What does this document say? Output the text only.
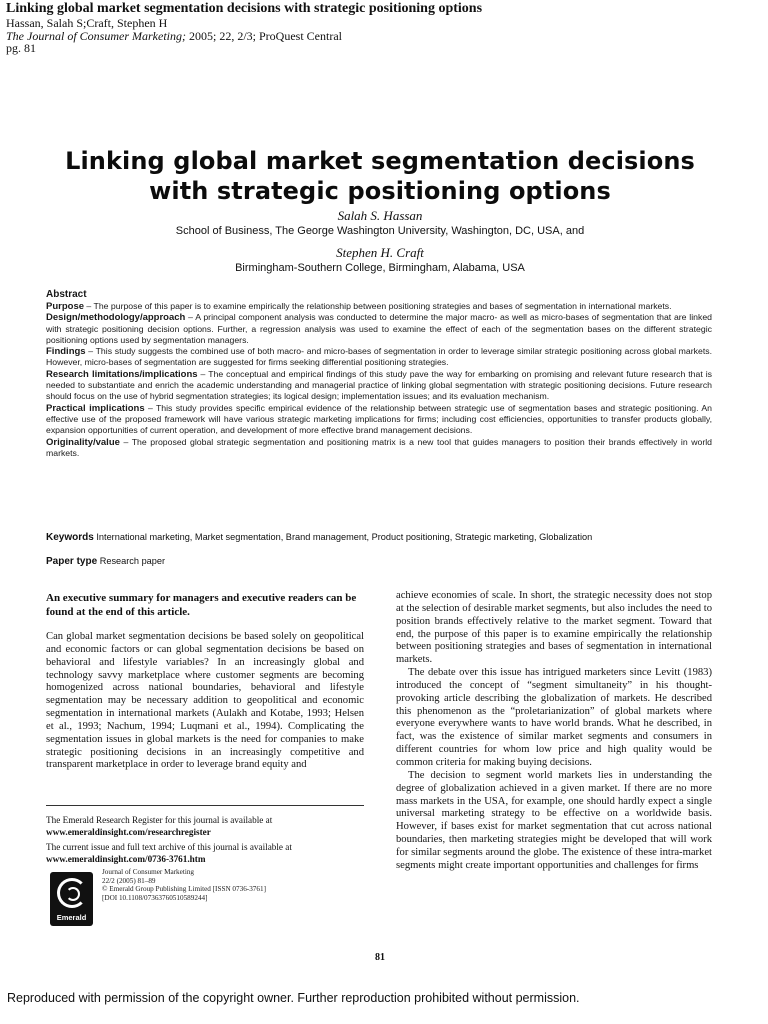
Linking global market segmentation decisions with strategic positioning options
Hassan, Salah S;Craft, Stephen H
The Journal of Consumer Marketing; 2005; 22, 2/3; ProQuest Central
pg. 81
Linking global market segmentation decisions
with strategic positioning options
Salah S. Hassan
School of Business, The George Washington University, Washington, DC, USA, and
Stephen H. Craft
Birmingham-Southern College, Birmingham, Alabama, USA
Abstract

Purpose – The purpose of this paper is to examine empirically the relationship between positioning strategies and bases of segmentation in international markets.

Design/methodology/approach – A principal component analysis was conducted to determine the major macro- as well as micro-bases of segmentation that are linked with strategic positioning decision options. Further, a regression analysis was used to examine the effect of each of the segmentation bases on the different strategic positioning options used by segmentation managers.

Findings – This study suggests the combined use of both macro- and micro-bases of segmentation in order to leverage similar strategic positioning across global markets. However, micro-bases of segmentation are suggested for firms seeking differential positioning strategies.

Research limitations/implications – The conceptual and empirical findings of this study pave the way for embarking on promising and relevant future research that is needed to substantiate and enrich the academic understanding and managerial practice of linking global segmentation with strategic positioning decisions. Future research should focus on the use of hybrid segmentation strategies; its logical design; implementation issues; and its evaluation mechanism.

Practical implications – This study provides specific empirical evidence of the relationship between strategic use of segmentation bases and strategic positioning. An effective use of the proposed framework will have various strategic marketing implications for firms; including cost efficiencies, opportunities to transfer products globally, expansion opportunities of current operation, and development of more effective brand management decisions.

Originality/value – The proposed global strategic segmentation and positioning matrix is a new tool that guides managers to position their brands effectively in world markets.

Keywords International marketing, Market segmentation, Brand management, Product positioning, Strategic marketing, Globalization
Paper type Research paper
An executive summary for managers and executive readers can be found at the end of this article.

Can global market segmentation decisions be based solely on geopolitical and economic factors or can global segmentation decisions be based on behavioral and lifestyle variables? In an increasingly global and technology savvy marketplace where customer segments are becoming homogenized across national boundaries, behavioral and lifestyle segmentation may be necessary addition to geopolitical and economic segmentation in international markets (Aulakh and Kotabe, 1993; Helsen et al., 1993; Nachum, 1994; Luqmani et al., 1994). Complicating the segmentation issues in global markets is the need for companies to make strategic positioning decisions in an increasingly competitive and transparent marketplace in order to leverage brand equity and

achieve economies of scale. In short, the strategic necessity does not stop at the selection of desirable market segments, but also includes the need to position brands effectively relative to the market segment. Toward that end, the purpose of this paper is to examine empirically the relationship between positioning strategies and bases of segmentation in international markets.

The debate over this issue has intrigued marketers since Levitt (1983) introduced the concept of “segment simultaneity” in his thought-provoking article describing the globalization of markets. He described this phenomenon as the “proletarianization” of global markets where everyone everywhere wants to have world brands. What he described, in fact, was the existence of similar market segments and consumers in different countries for whom low price and high quality would be common criteria for making buying decisions.

The decision to segment world markets lies in understanding the degree of globalization achieved in a given market. If there are no more mass markets in the USA, for example, one should hardly expect a single universal marketing strategy to be effective on a worldwide basis. However, if bases exist for market segmentation that cut across national boundaries, then marketing strategies might be developed that will work for similar segments around the globe. The existence of these intra-market segments might create important opportunities and challenges for firms

The Emerald Research Register for this journal is available at
www.emeraldinsight.com/researchregister

The current issue and full text archive of this journal is available at
www.emeraldinsight.com/0736-3761.htm

Emerald
Journal of Consumer Marketing
22/2 (2005) 81–89
© Emerald Group Publishing Limited [ISSN 0736-3761]
[DOI 10.1108/07363760510589244]
81
Reproduced with permission of the copyright owner. Further reproduction prohibited without permission.
